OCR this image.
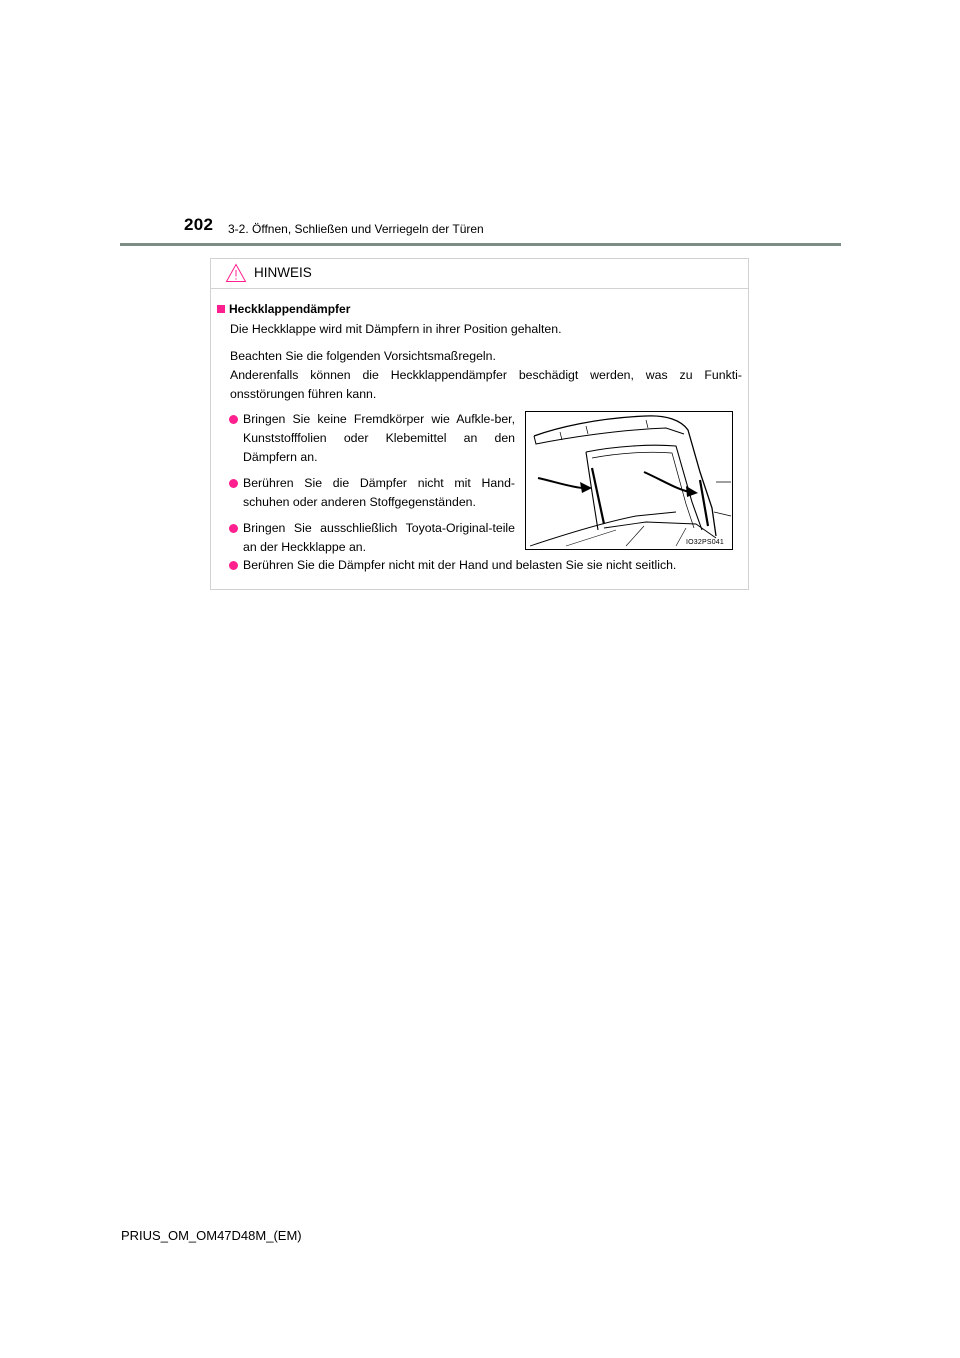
202 3-2. Öffnen, Schließen und Verriegeln der Türen
HINWEIS
Heckklappendämpfer
Die Heckklappe wird mit Dämpfern in ihrer Position gehalten.
Beachten Sie die folgenden Vorsichtsmaßregeln.
Anderenfalls können die Heckklappendämpfer beschädigt werden, was zu Funkti-onsstörungen führen kann.
Bringen Sie keine Fremdkörper wie Aufkle-ber, Kunststofffolien oder Klebemittel an den Dämpfern an.
Berühren Sie die Dämpfer nicht mit Hand-schuhen oder anderen Stoffgegenständen.
Bringen Sie ausschließlich Toyota-Original-teile an der Heckklappe an.	IO32PS041
Berühren Sie die Dämpfer nicht mit der Hand und belasten Sie sie nicht seitlich.
PRIUS_OM_OM47D48M_(EM)
